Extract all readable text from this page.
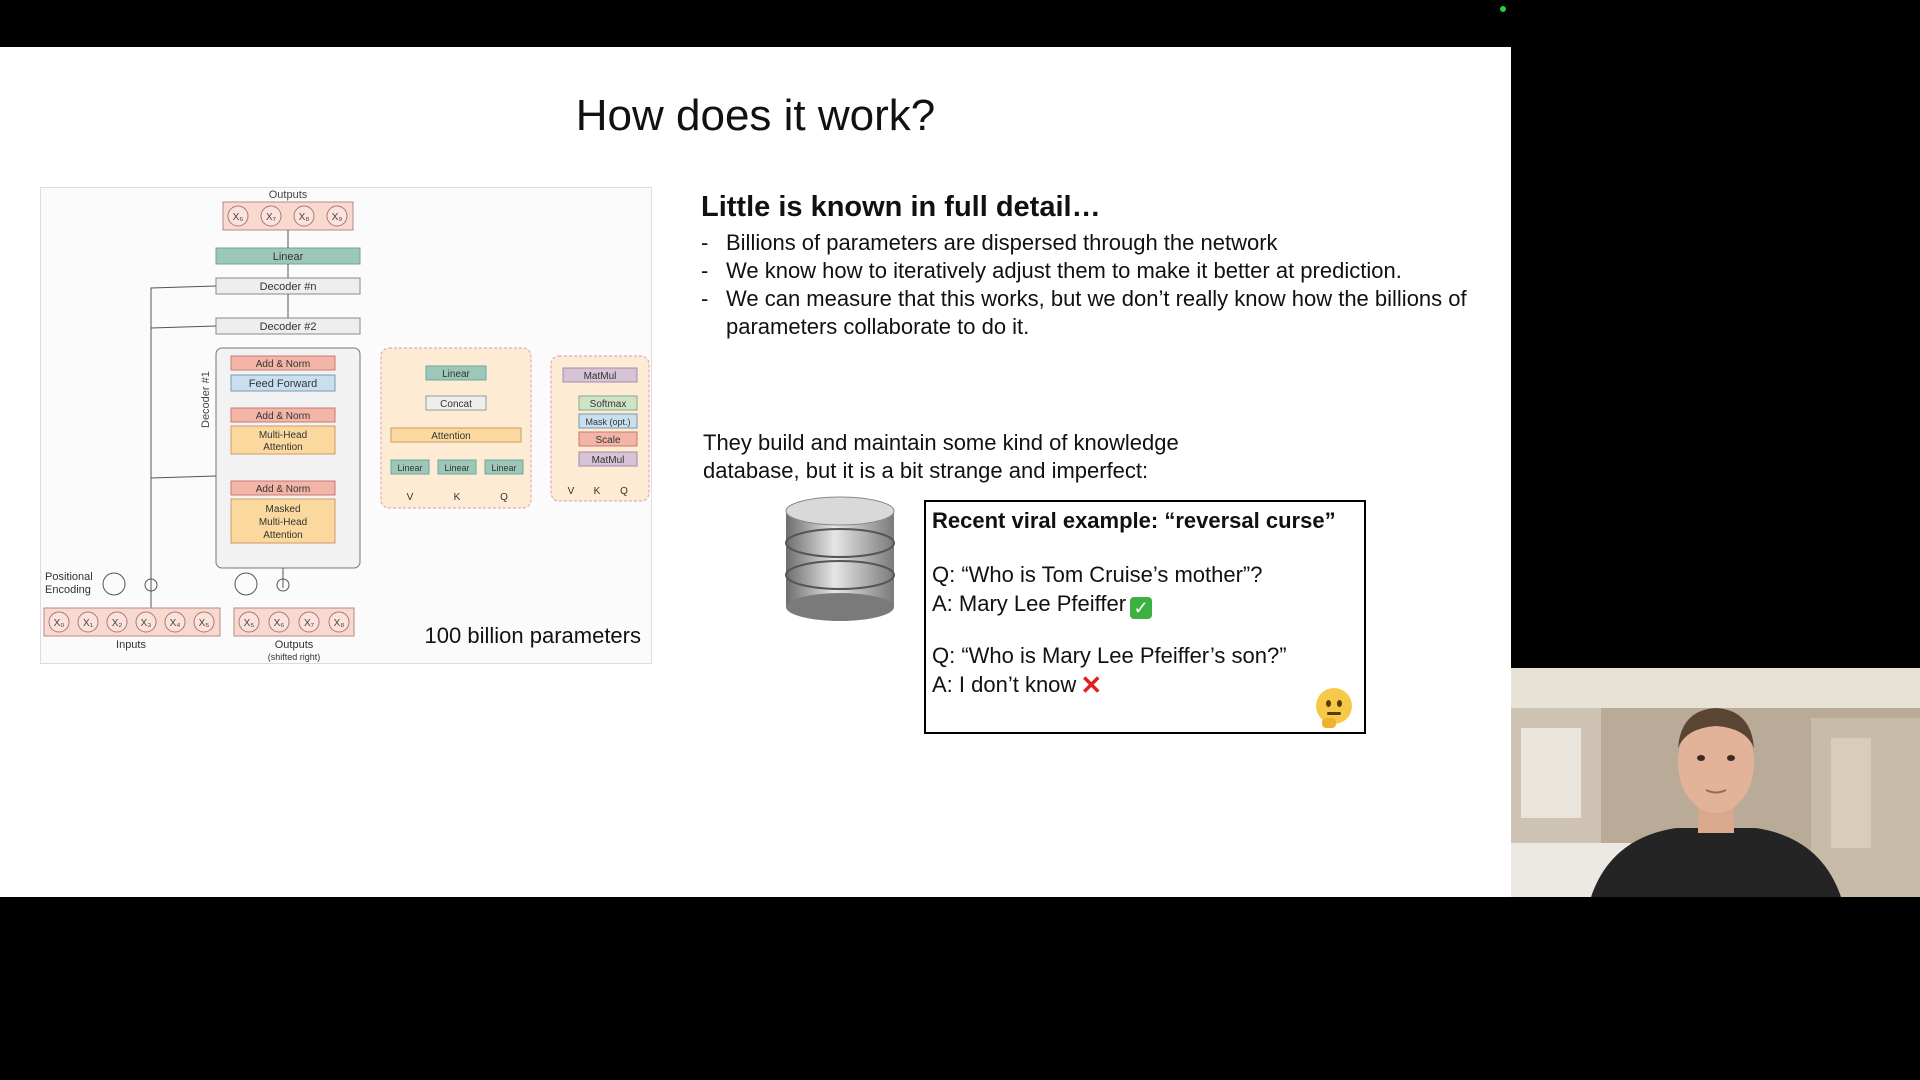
How does it work?
Outputs
X₆ X₇ X₈ X₉
Linear
Decoder #n
Decoder #2
Decoder #1
Add & Norm
Feed Forward
Add & Norm
Multi-Head
Attention
Add & Norm
Masked
Multi-Head
Attention
Positional
Encoding
X₀ X₁ X₂ X₃ X₄ X₅
Inputs
X₅ X₆ X₇ X₈
Outputs
(shifted right)
Linear
Concat
Attention
Linear Linear Linear
V	K	Q
MatMul
Softmax
Mask (opt.)
Scale
MatMul
V K Q
100 billion parameters
Little is known in full detail…
- Billions of parameters are dispersed through the network
- We know how to iteratively adjust them to make it better at prediction.
- We can measure that this works, but we don’t really know how the billions of parameters collaborate to do it.
They build and maintain some kind of knowledge database, but it is a bit strange and imperfect:
Recent viral example: “reversal curse”
Q: “Who is Tom Cruise’s mother”?
A: Mary Lee Pfeiffer ✓
Q: “Who is Mary Lee Pfeiffer’s son?”
A: I don’t know ✕
